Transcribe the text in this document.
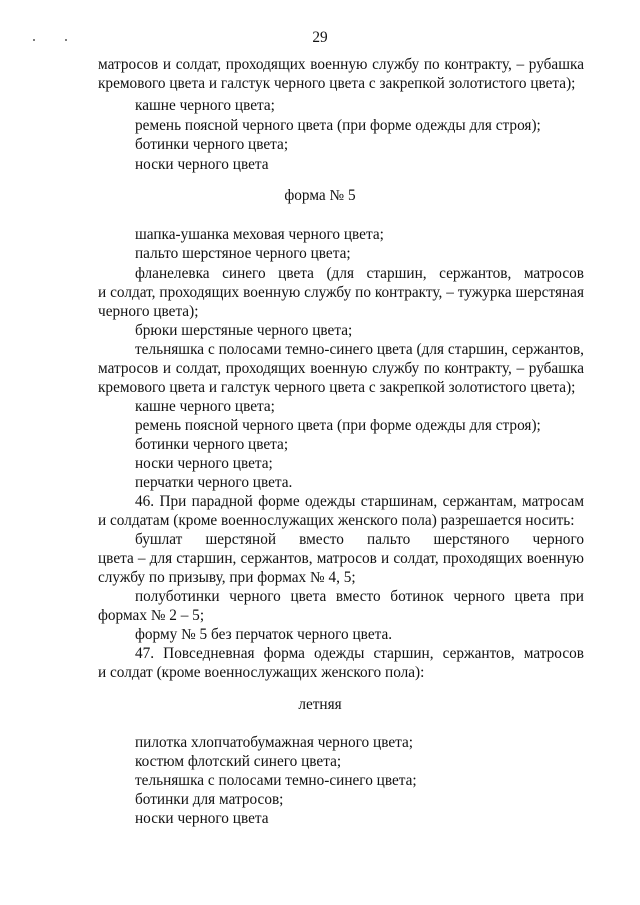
29
матросов и солдат, проходящих военную службу по контракту, – рубашка
кремового цвета и галстук черного цвета с закрепкой золотистого цвета);
кашне черного цвета;
ремень поясной черного цвета (при форме одежды для строя);
ботинки черного цвета;
носки черного цвета
форма № 5
шапка-ушанка меховая черного цвета;
пальто шерстяное черного цвета;
фланелевка синего цвета (для старшин, сержантов, матросов
и солдат, проходящих военную службу по контракту, – тужурка шерстяная
черного цвета);
брюки шерстяные черного цвета;
тельняшка с полосами темно-синего цвета (для старшин, сержантов,
матросов и солдат, проходящих военную службу по контракту, – рубашка
кремового цвета и галстук черного цвета с закрепкой золотистого цвета);
кашне черного цвета;
ремень поясной черного цвета (при форме одежды для строя);
ботинки черного цвета;
носки черного цвета;
перчатки черного цвета.
46. При парадной форме одежды старшинам, сержантам, матросам
и солдатам (кроме военнослужащих женского пола) разрешается носить:
бушлат шерстяной вместо пальто шерстяного черного
цвета – для старшин, сержантов, матросов и солдат, проходящих военную
службу по призыву, при формах № 4, 5;
полуботинки черного цвета вместо ботинок черного цвета при
формах № 2 – 5;
форму № 5 без перчаток черного цвета.
47. Повседневная форма одежды старшин, сержантов, матросов
и солдат (кроме военнослужащих женского пола):
летняя
пилотка хлопчатобумажная черного цвета;
костюм флотский синего цвета;
тельняшка с полосами темно-синего цвета;
ботинки для матросов;
носки черного цвета
